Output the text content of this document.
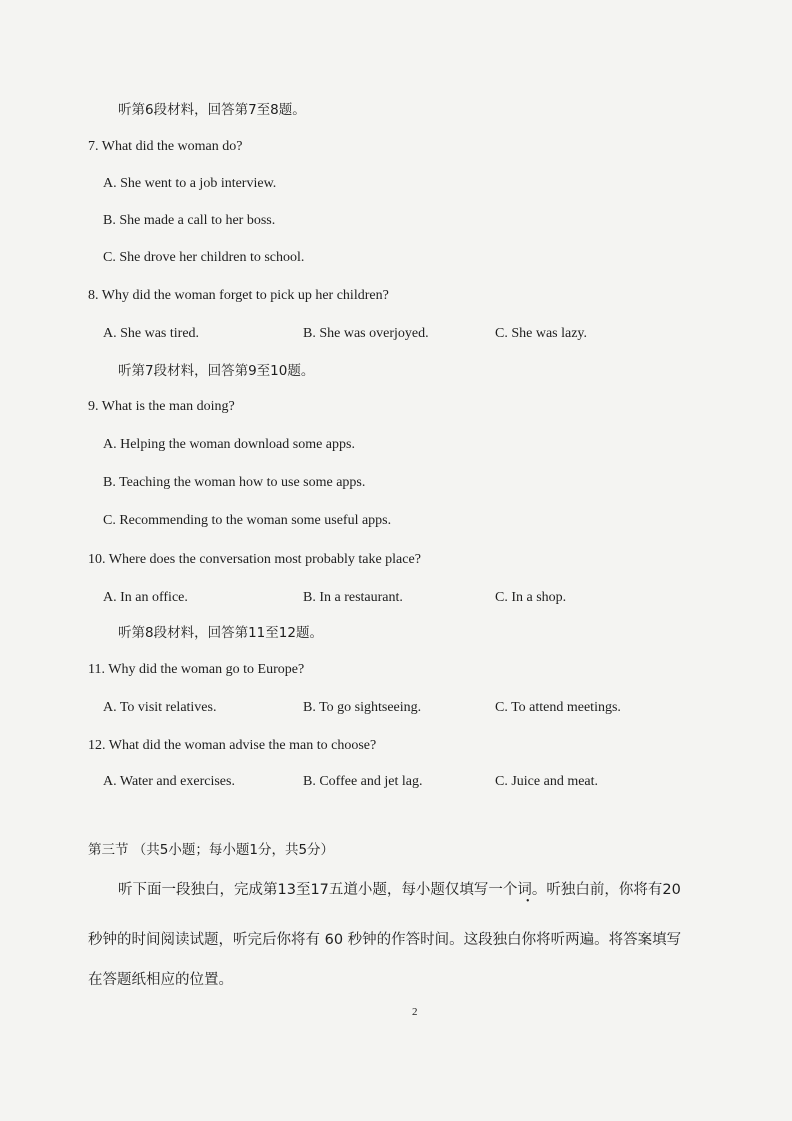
听第6段材料，回答第7至8题。
7. What did the woman do?
A. She went to a job interview.
B. She made a call to her boss.
C. She drove her children to school.
8. Why did the woman forget to pick up her children?
A. She was tired.	B. She was overjoyed.	C. She was lazy.
听第7段材料，回答第9至10题。
9. What is the man doing?
A. Helping the woman download some apps.
B. Teaching the woman how to use some apps.
C. Recommending to the woman some useful apps.
10. Where does the conversation most probably take place?
A. In an office.	B. In a restaurant.	C. In a shop.
听第8段材料，回答第11至12题。
11. Why did the woman go to Europe?
A. To visit relatives.	B. To go sightseeing.	C. To attend meetings.
12. What did the woman advise the man to choose?
A. Water and exercises.	B. Coffee and jet lag.	C. Juice and meat.
第三节 （共5小题；每小题1分，共5分）
听下面一段独白，完成第13至17五道小题，每小题仅填写一个词。听独白前，你将有20
•
秒钟的时间阅读试题，听完后你将有 60 秒钟的作答时间。这段独白你将听两遍。将答案填写
在答题纸相应的位置。
2
